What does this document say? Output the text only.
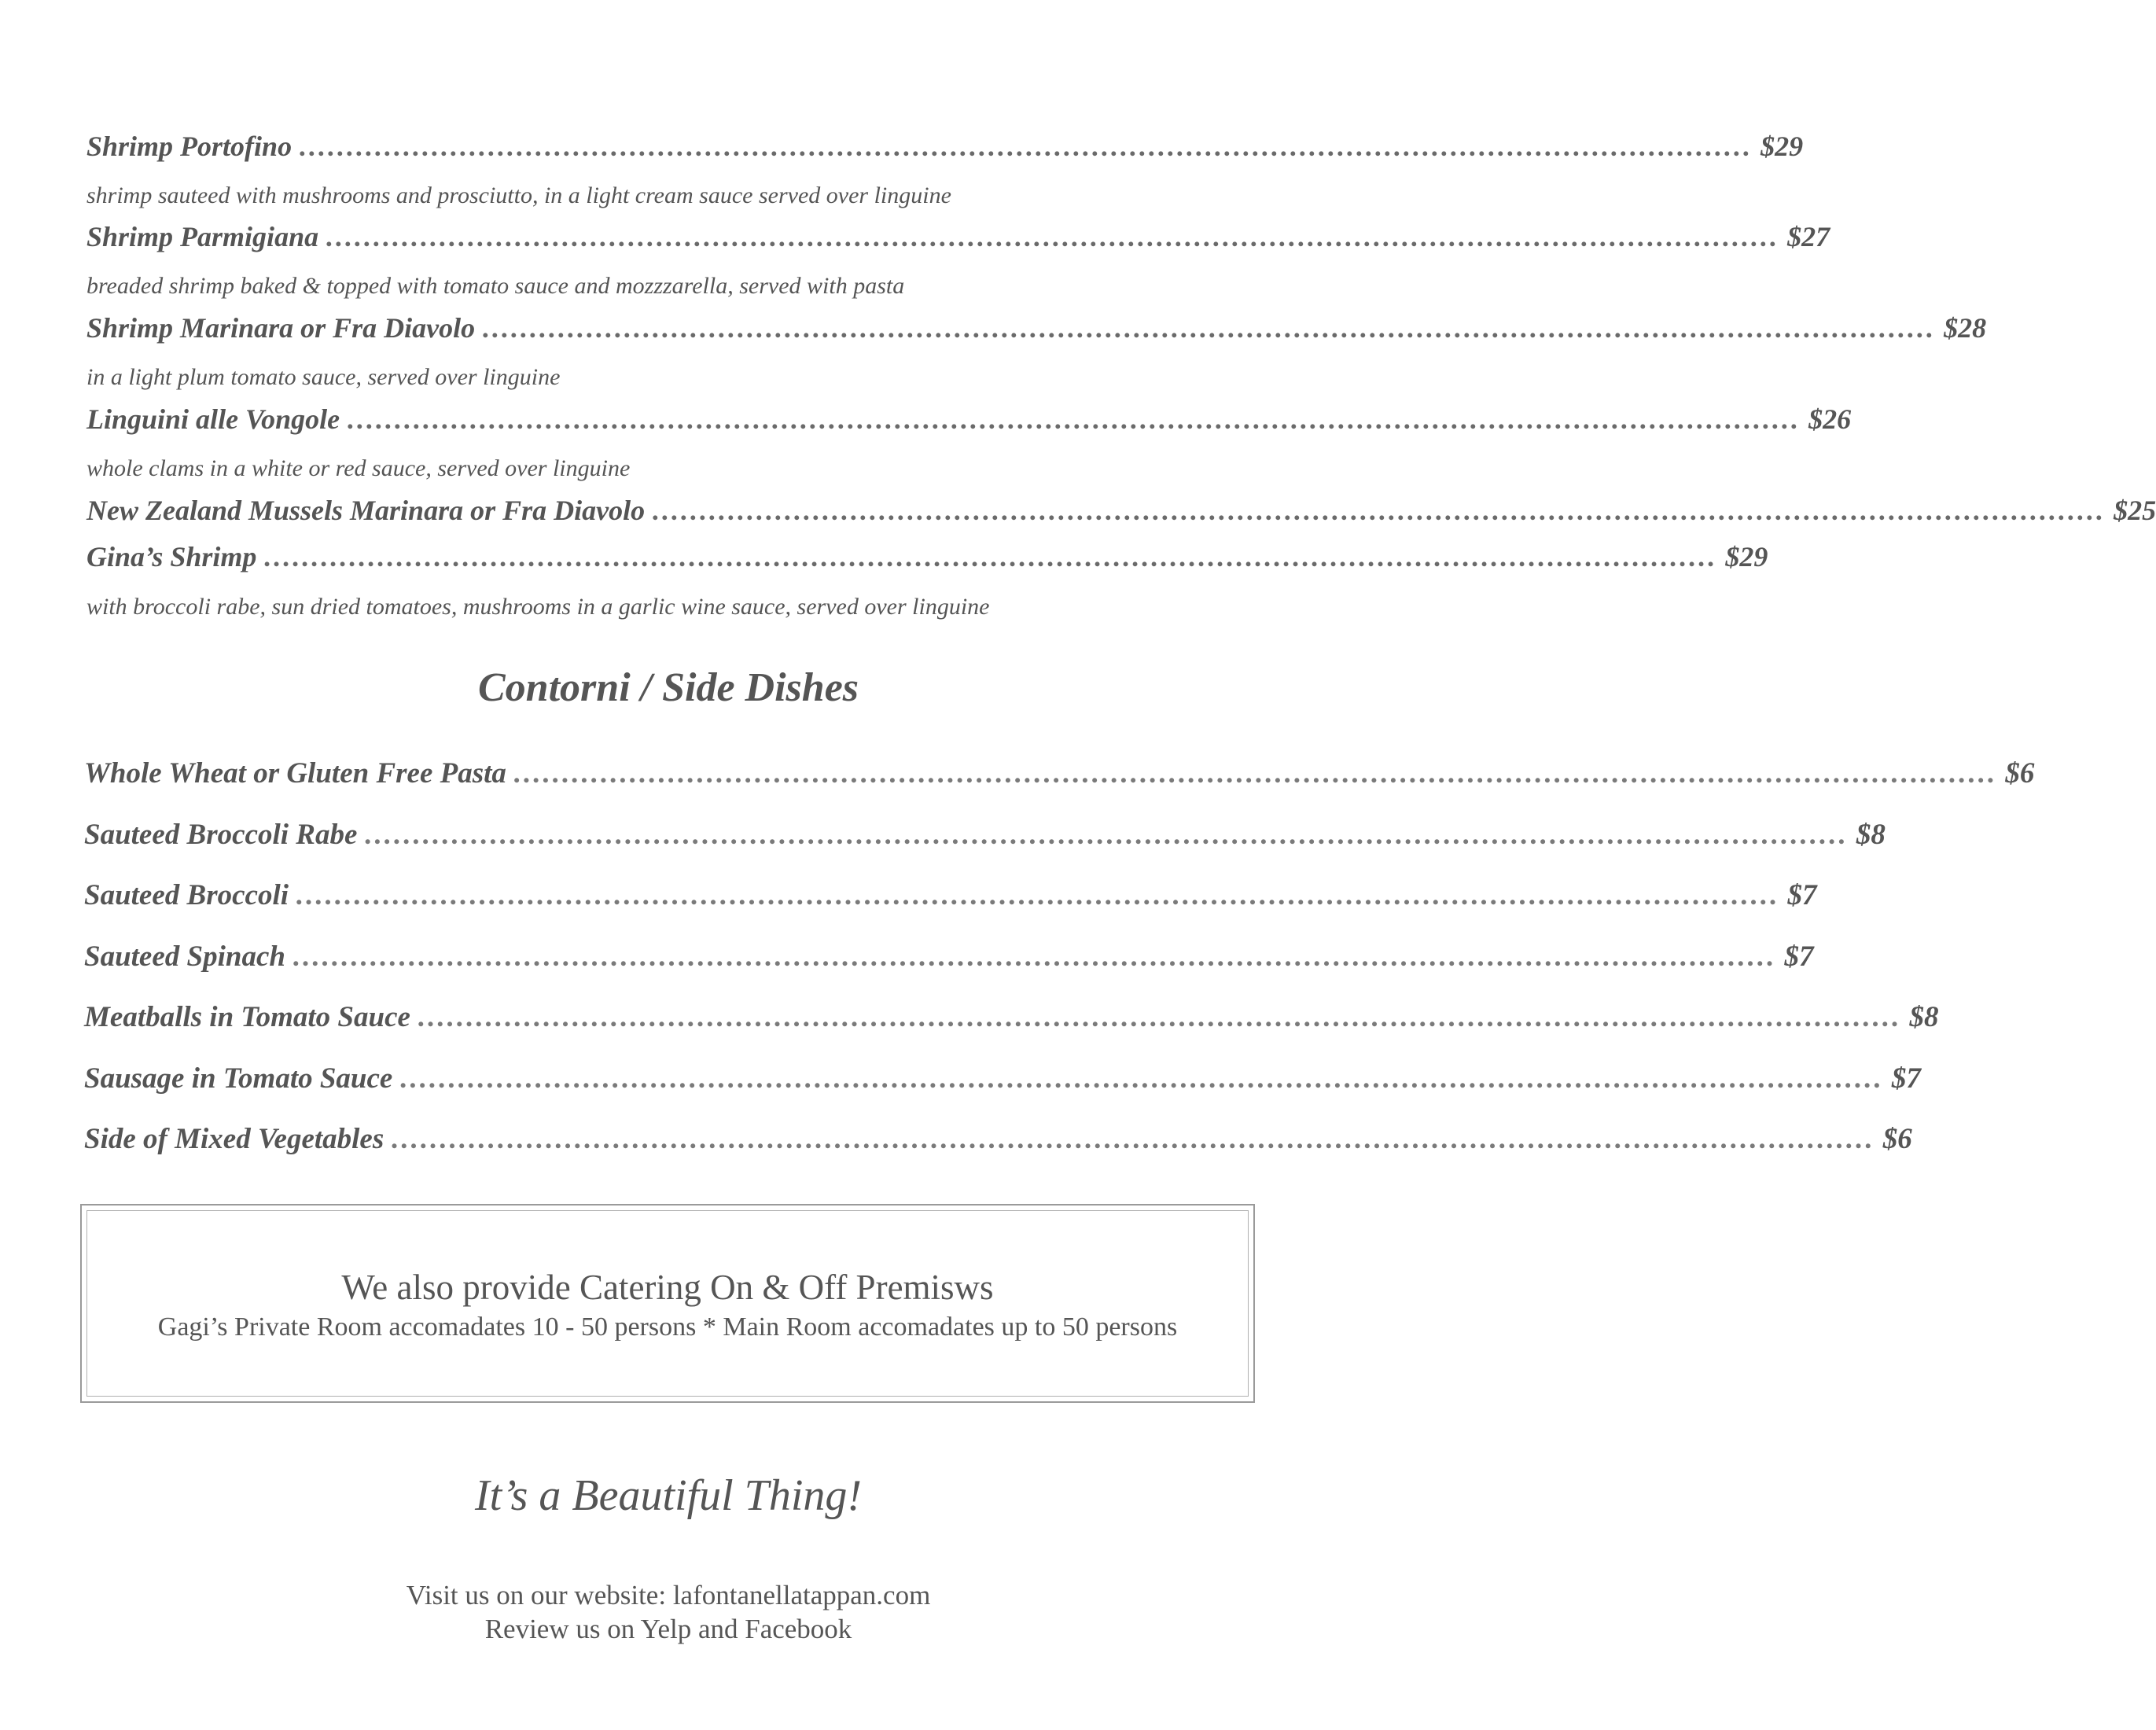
Shrimp Portofino .......................................................................................................................................................... $29
shrimp sauteed with mushrooms and prosciutto, in a light cream sauce served over linguine
Shrimp Parmigiana .......................................................................................................................................................... $27
breaded shrimp baked & topped with tomato sauce and mozzzarella, served with pasta
Shrimp Marinara or Fra Diavolo .......................................................................................................................................................... $28
in a light plum tomato sauce, served over linguine
Linguini alle Vongole .......................................................................................................................................................... $26
whole clams in a white or red sauce, served over linguine
New Zealand Mussels Marinara or Fra Diavolo .......................................................................................................................................................... $25
Gina’s Shrimp .......................................................................................................................................................... $29
with broccoli rabe, sun dried tomatoes, mushrooms in a garlic wine sauce, served over linguine
Contorni / Side Dishes
Whole Wheat or Gluten Free Pasta .......................................................................................................................................................... $6
Sauteed Broccoli Rabe .......................................................................................................................................................... $8
Sauteed Broccoli .......................................................................................................................................................... $7
Sauteed Spinach .......................................................................................................................................................... $7
Meatballs in Tomato Sauce .......................................................................................................................................................... $8
Sausage in Tomato Sauce .......................................................................................................................................................... $7
Side of Mixed Vegetables .......................................................................................................................................................... $6
We also provide Catering On & Off Premisws
Gagi’s Private Room accomadates 10 - 50 persons * Main Room accomadates up to 50 persons
It’s a Beautiful Thing!
Visit us on our website: lafontanellatappan.com
Review us on Yelp and Facebook
